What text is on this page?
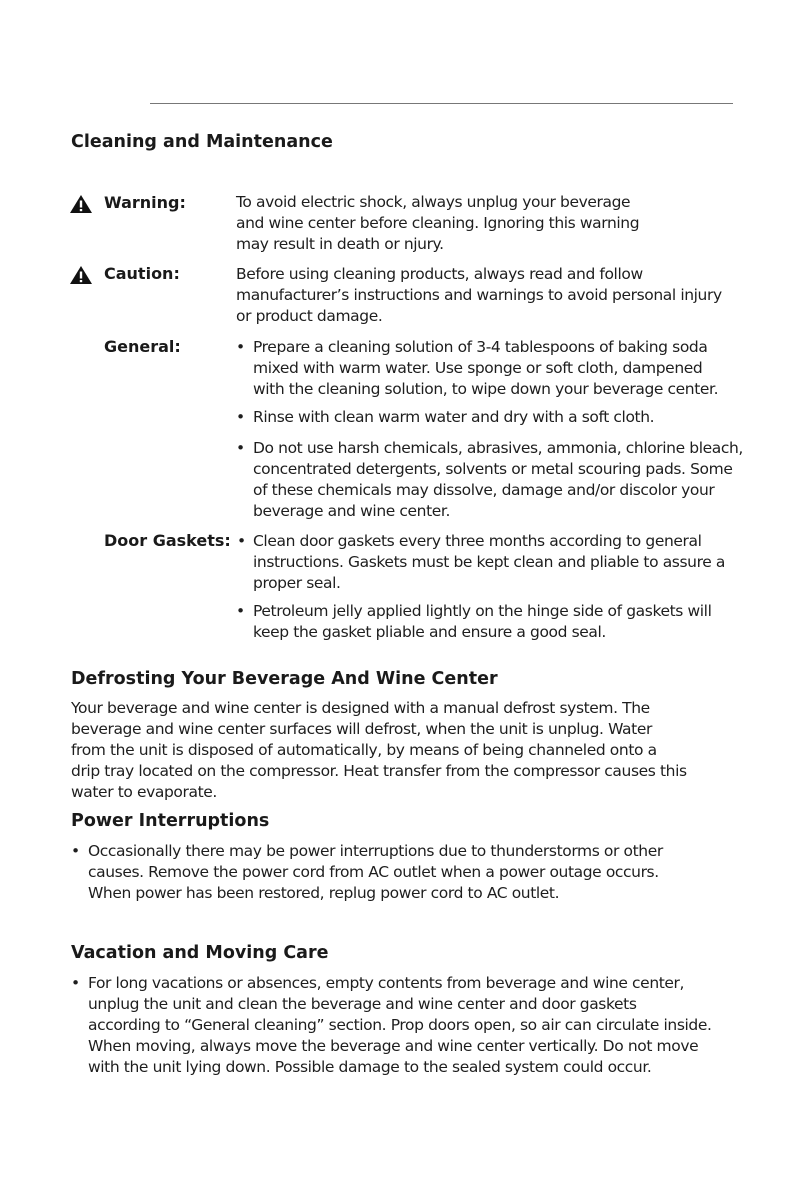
Cleaning and Maintenance
Warning:	To avoid electric shock, always unplug your beverage
and wine center before cleaning. Ignoring this warning
may result in death or njury.
Caution:	Before using cleaning products, always read and follow
manufacturer’s instructions and warnings to avoid personal injury
or product damage.
General:	• Prepare a cleaning solution of 3-4 tablespoons of baking soda
mixed with warm water. Use sponge or soft cloth, dampened
with the cleaning solution, to wipe down your beverage center.
• Rinse with clean warm water and dry with a soft cloth.
• Do not use harsh chemicals, abrasives, ammonia, chlorine bleach,
concentrated detergents, solvents or metal scouring pads. Some
of these chemicals may dissolve, damage and/or discolor your
beverage and wine center.
Door Gaskets: • Clean door gaskets every three months according to general
instructions. Gaskets must be kept clean and pliable to assure a
proper seal.
• Petroleum jelly applied lightly on the hinge side of gaskets will
keep the gasket pliable and ensure a good seal.
Defrosting Your Beverage And Wine Center
Your beverage and wine center is designed with a manual defrost system. The
beverage and wine center surfaces will defrost, when the unit is unplug. Water
from the unit is disposed of automatically, by means of being channeled onto a
drip tray located on the compressor. Heat transfer from the compressor causes this
water to evaporate.
Power Interruptions
• Occasionally there may be power interruptions due to thunderstorms or other
causes. Remove the power cord from AC outlet when a power outage occurs.
When power has been restored, replug power cord to AC outlet.
Vacation and Moving Care
• For long vacations or absences, empty contents from beverage and wine center,
unplug the unit and clean the beverage and wine center and door gaskets
according to “General cleaning” section. Prop doors open, so air can circulate inside.
When moving, always move the beverage and wine center vertically. Do not move
with the unit lying down. Possible damage to the sealed system could occur.
